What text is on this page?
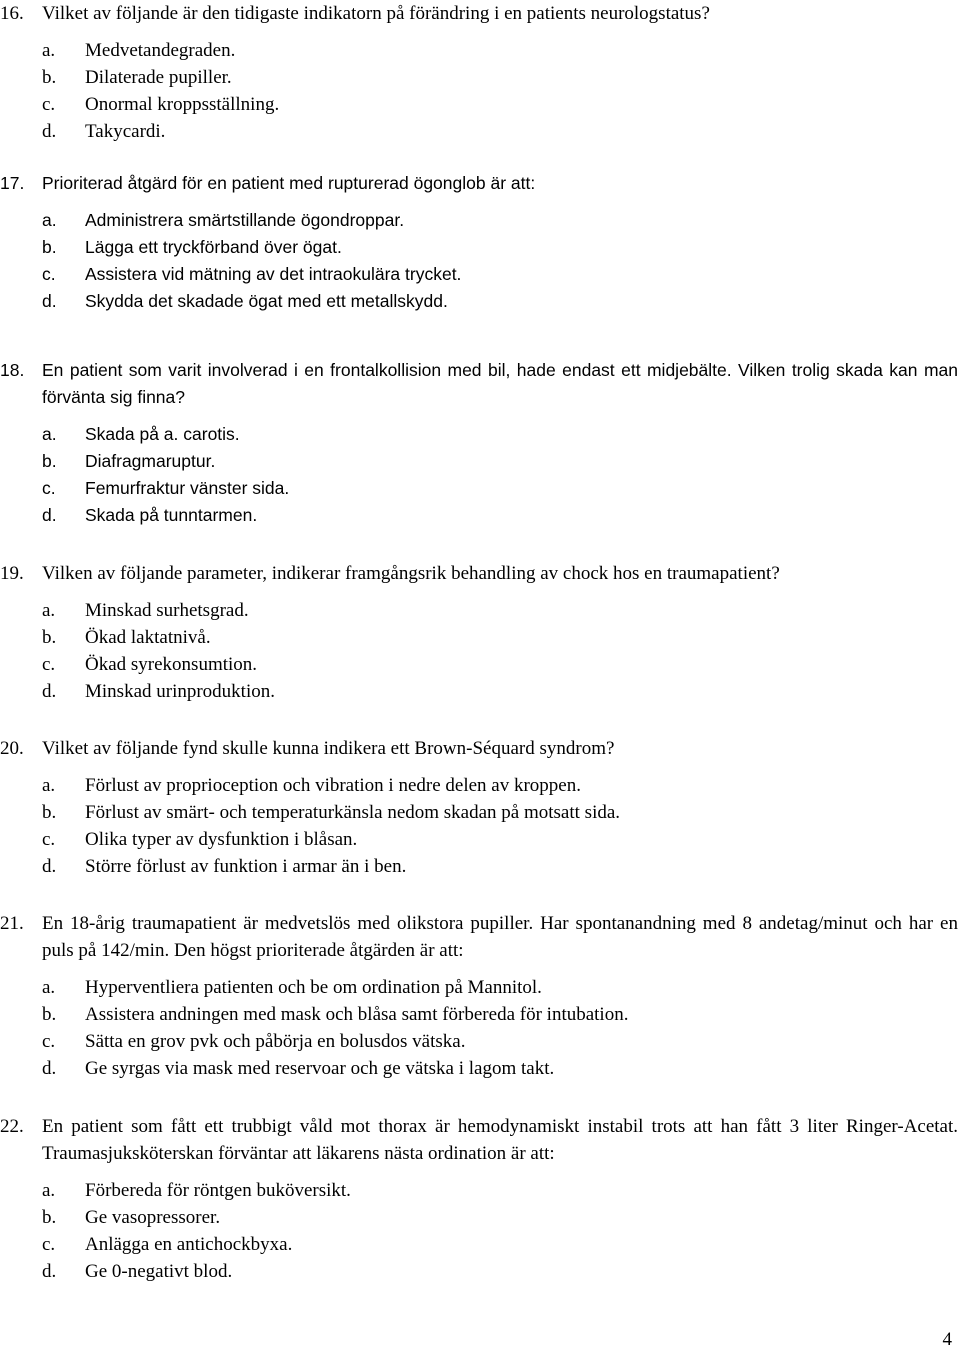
16. Vilket av följande är den tidigaste indikatorn på förändring i en patients neurologstatus?
a. Medvetandegraden.
b. Dilaterade pupiller.
c. Onormal kroppsställning.
d. Takycardi.
17.	Prioriterad åtgärd för en patient med rupturerad ögonglob är att:
a. Administrera smärtstillande ögondroppar.
b. Lägga ett tryckförband över ögat.
c. Assistera vid mätning av det intraokulära trycket.
d. Skydda det skadade ögat med ett metallskydd.
18.	En patient som varit involverad i en frontalkollision med bil, hade endast ett midjebälte. Vilken trolig skada kan man förvänta sig finna?
a. Skada på a. carotis.
b. Diafragmaruptur.
c. Femurfraktur vänster sida.
d. Skada på tunntarmen.
19. Vilken av följande parameter, indikerar framgångsrik behandling av chock hos en traumapatient?
a. Minskad surhetsgrad.
b. Ökad laktatnivå.
c. Ökad syrekonsumtion.
d. Minskad urinproduktion.
20. Vilket av följande fynd skulle kunna indikera ett Brown-Séquard syndrom?
a. Förlust av proprioception och vibration i nedre delen av kroppen.
b. Förlust av smärt- och temperaturkänsla nedom skadan på motsatt sida.
c. Olika typer av dysfunktion i blåsan.
d. Större förlust av funktion i armar än i ben.
21. En 18-årig traumapatient är medvetslös med olikstora pupiller. Har spontanandning med 8 andetag/minut och har en puls på 142/min. Den högst prioriterade åtgärden är att:
a. Hyperventliera patienten och be om ordination på Mannitol.
b. Assistera andningen med mask och blåsa samt förbereda för intubation.
c. Sätta en grov pvk och påbörja en bolusdos vätska.
d. Ge syrgas via mask med reservoar och ge vätska i lagom takt.
22. En patient som fått ett trubbigt våld mot thorax är hemodynamiskt instabil trots att han fått 3 liter Ringer-Acetat. Traumasjuksköterskan förväntar att läkarens nästa ordination är att:
a. Förbereda för röntgen buköversikt.
b. Ge vasopressorer.
c. Anlägga en antichockbyxa.
d. Ge 0-negativt blod.
4
